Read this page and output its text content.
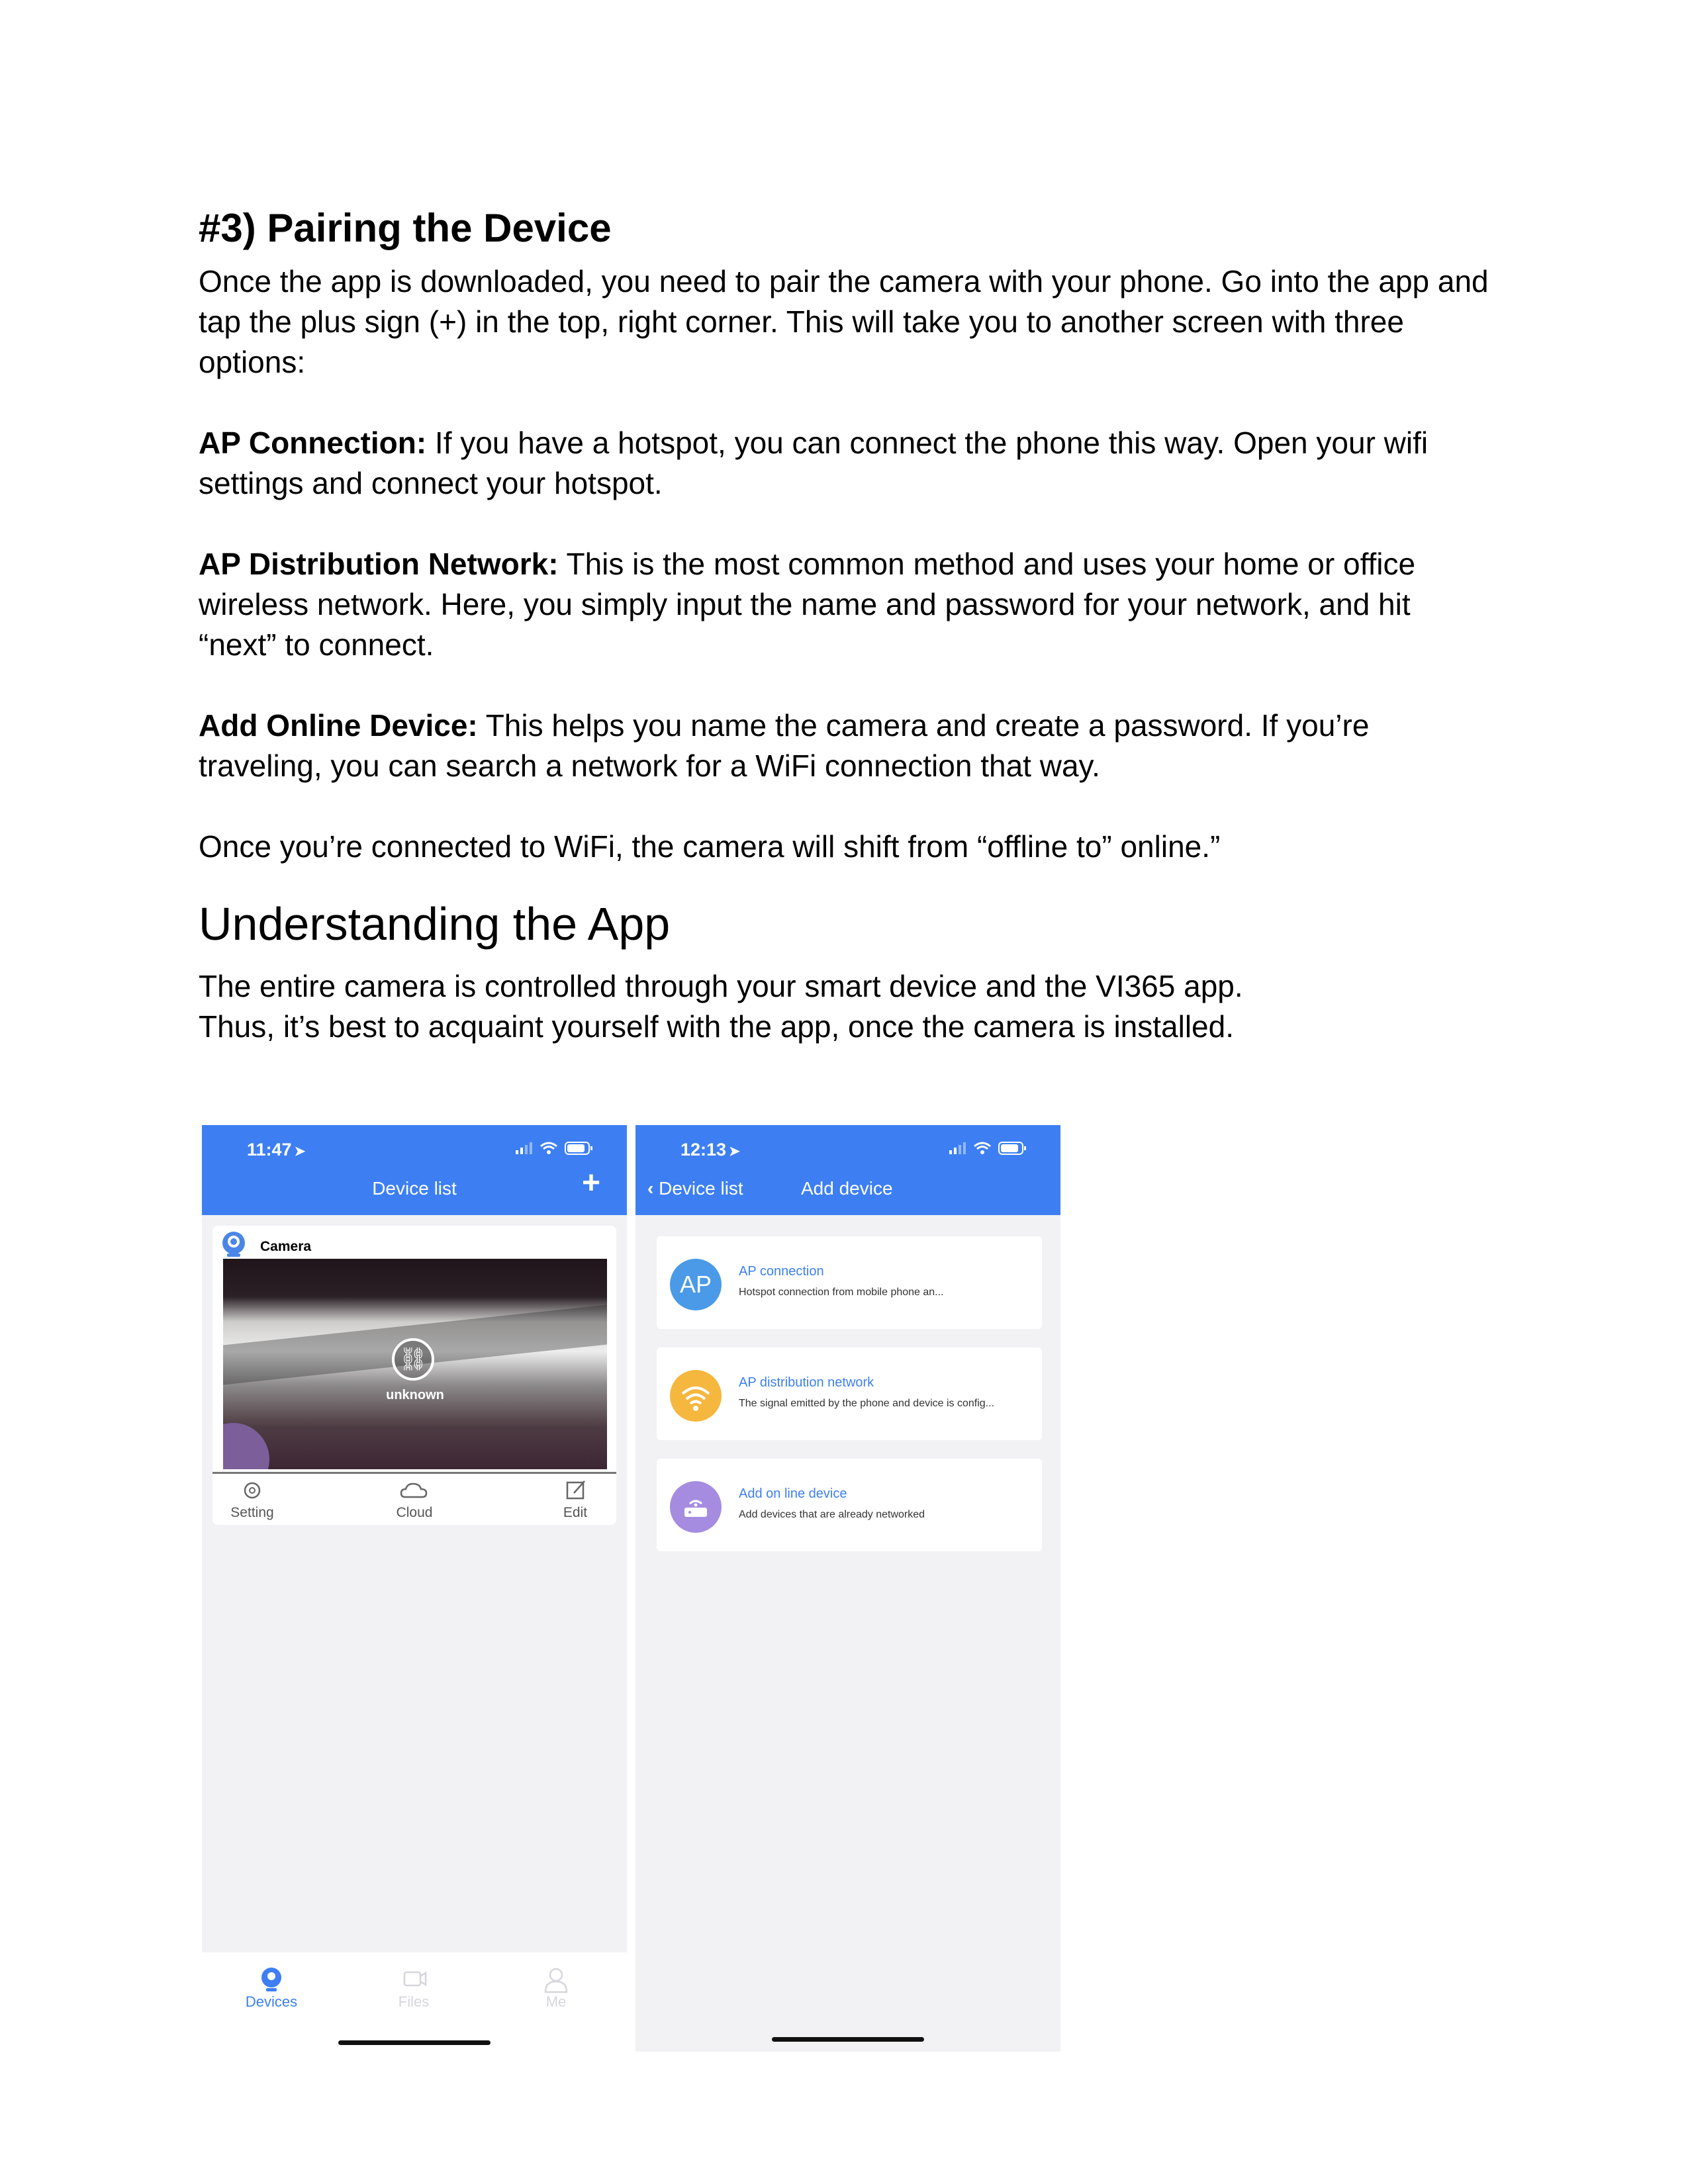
#3) Pairing the Device

Once the app is downloaded, you need to pair the camera with your phone. Go into the app and
tap the plus sign (+) in the top, right corner. This will take you to another screen with three
options:

AP Connection: If you have a hotspot, you can connect the phone this way. Open your wifi
settings and connect your hotspot.

AP Distribution Network: This is the most common method and uses your home or office
wireless network. Here, you simply input the name and password for your network, and hit
“next” to connect.

Add Online Device: This helps you name the camera and create a password. If you’re
traveling, you can search a network for a WiFi connection that way.

Once you’re connected to WiFi, the camera will shift from “offline to” online.”

Understanding the App

The entire camera is controlled through your smart device and the VI365 app.
Thus, it’s best to acquaint yourself with the app, once the camera is installed.

11:47 ➤
Device list	+
Camera
⛓
unknown
Setting	Cloud	Edit
Devices	Files	Me
12:13 ➤
‹ Device list	Add device
AP	AP connection
Hotspot connection from mobile phone an...
AP distribution network
The signal emitted by the phone and device is config...
Add on line device
Add devices that are already networked
